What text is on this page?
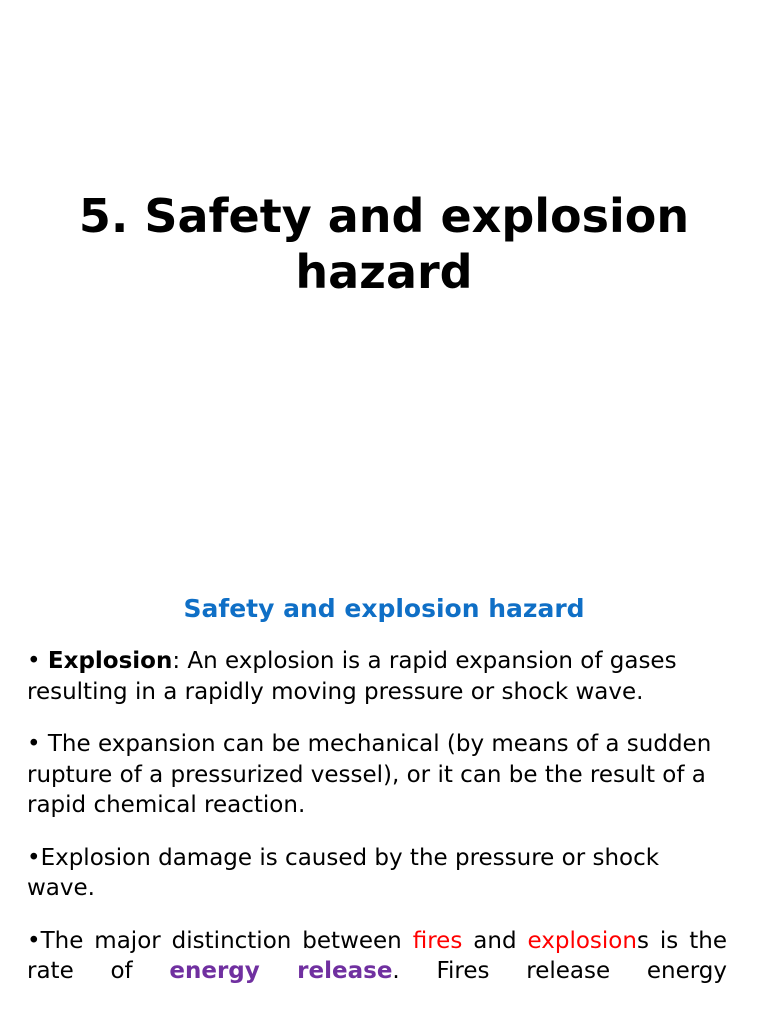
5. Safety and explosion hazard
Safety and explosion hazard

• Explosion: An explosion is a rapid expansion of gases resulting in a rapidly moving pressure or shock wave.

• The expansion can be mechanical (by means of a sudden rupture of a pressurized vessel), or it can be the result of a rapid chemical reaction.

•Explosion damage is caused by the pressure or shock wave.

•The major distinction between fires and explosions is the rate of energy release. Fires release energy
